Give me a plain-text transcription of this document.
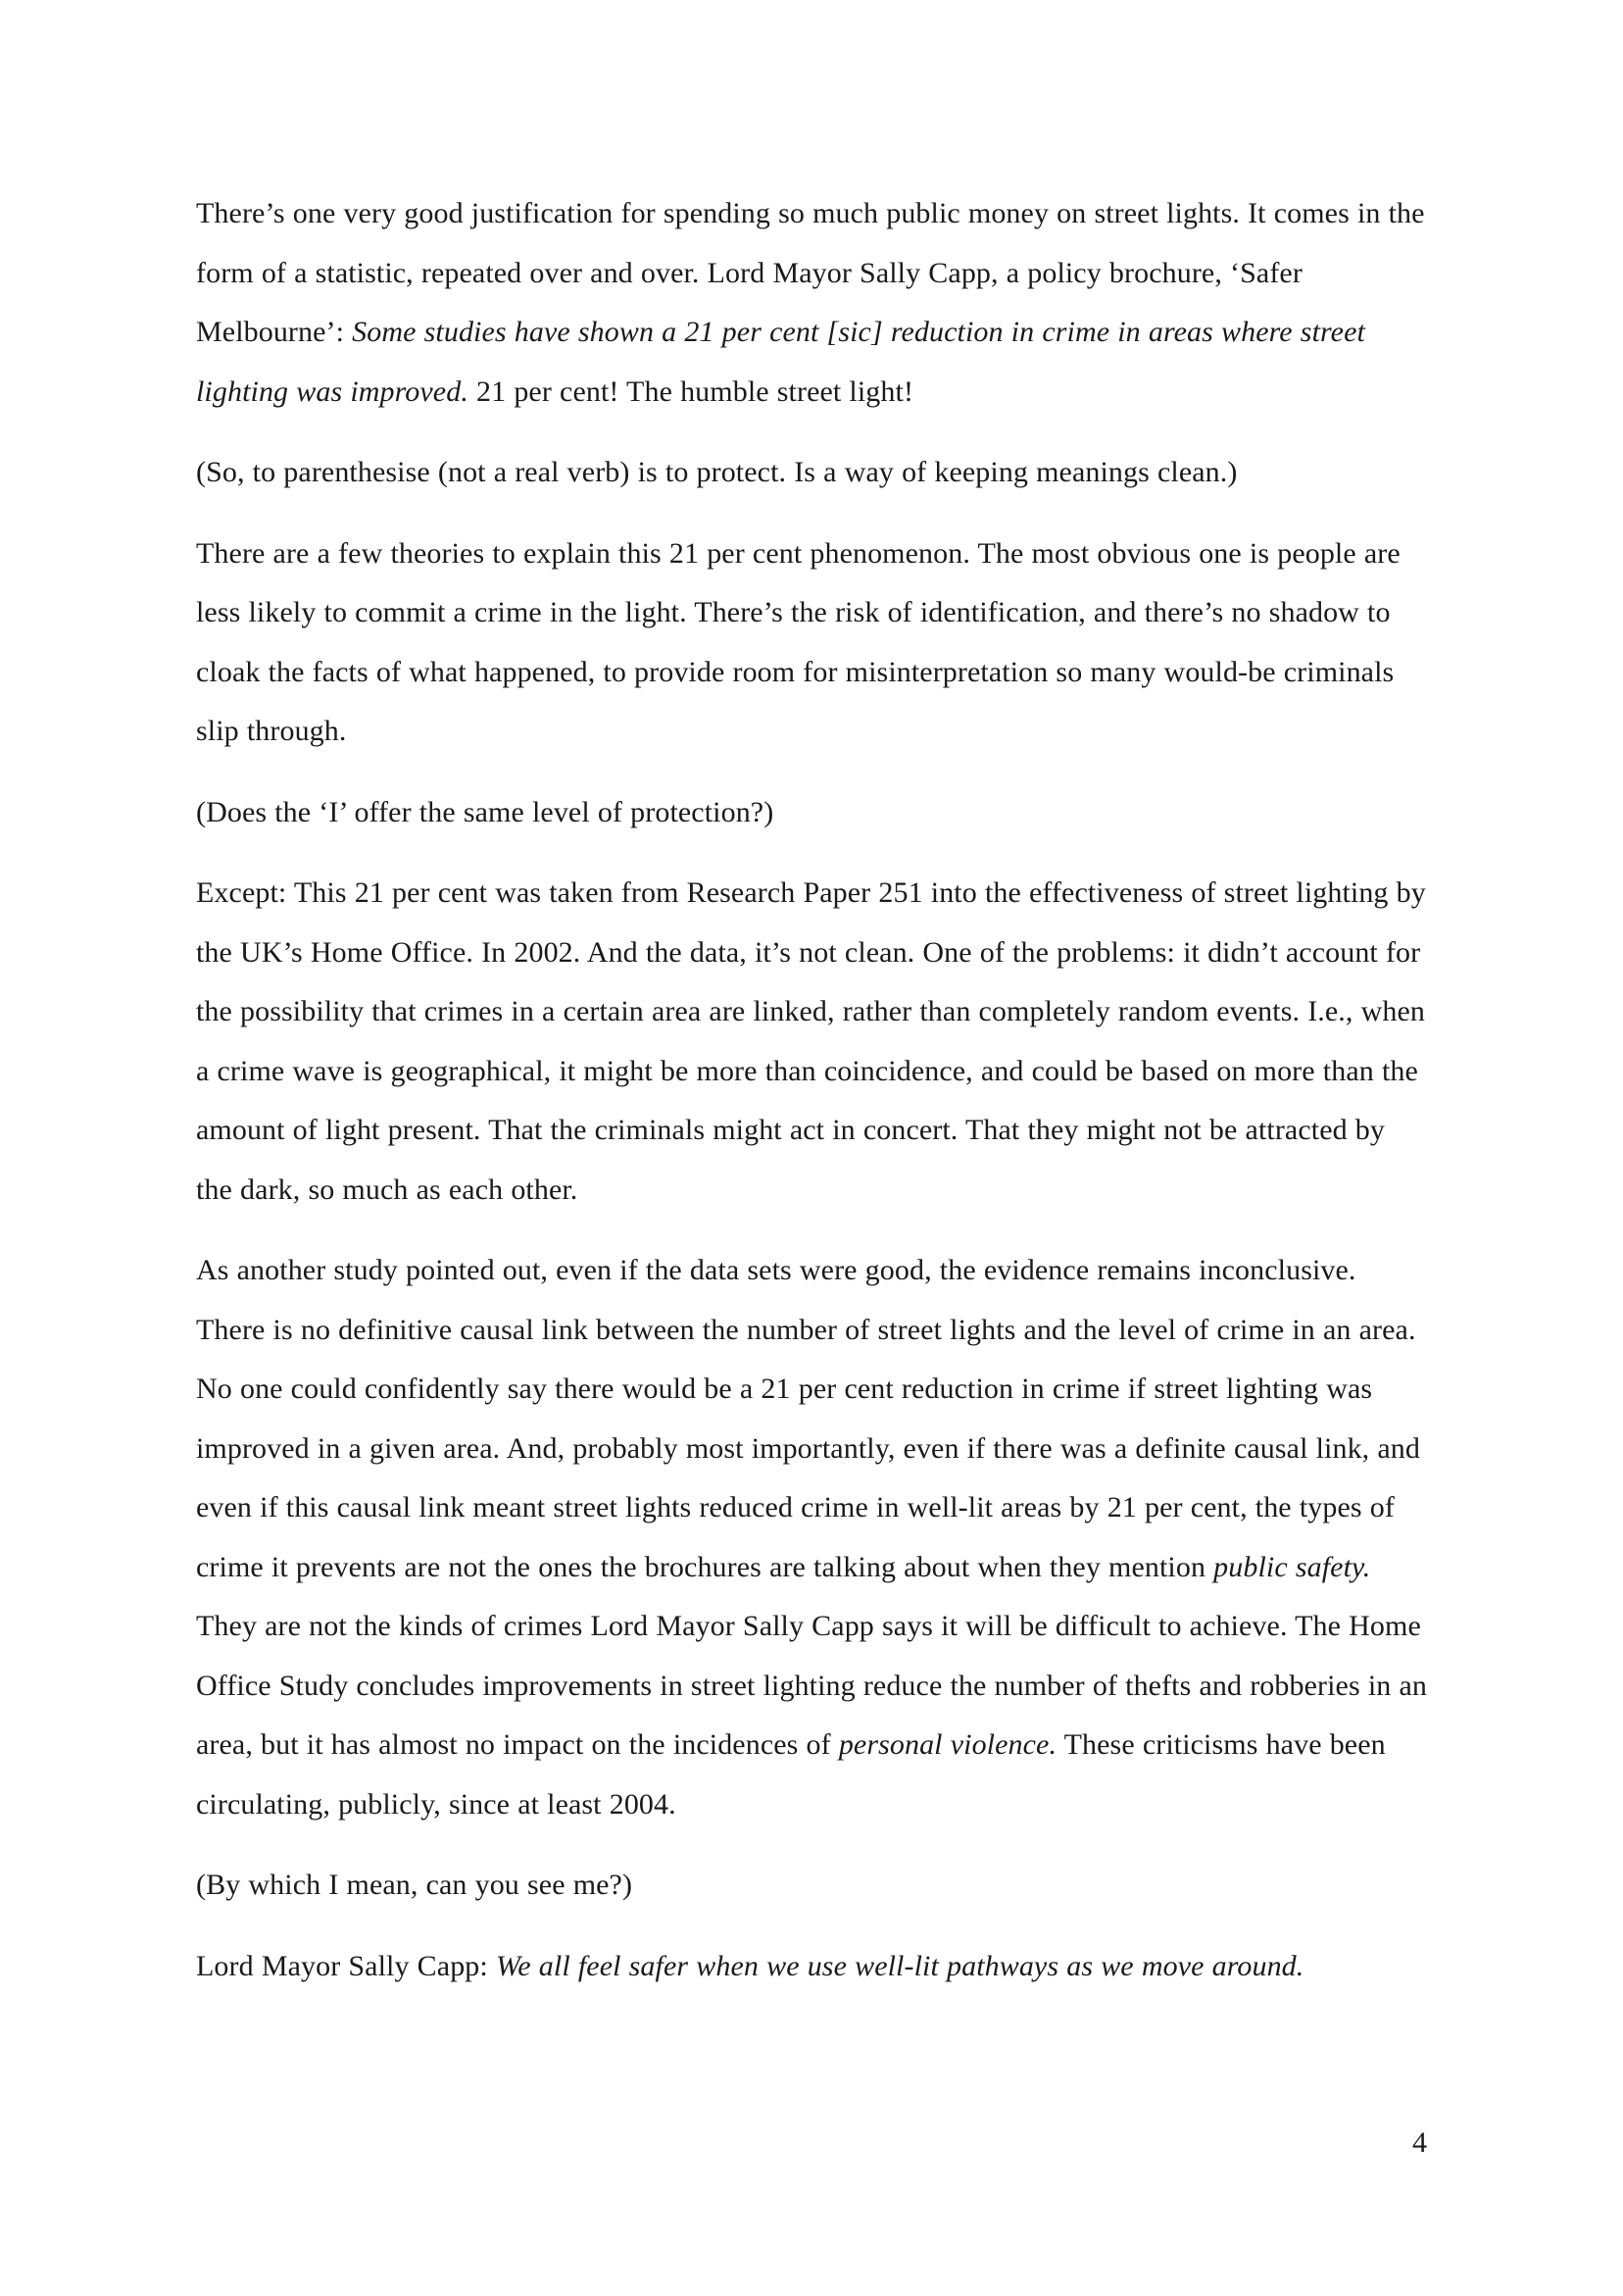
There’s one very good justification for spending so much public money on street lights. It comes in the form of a statistic, repeated over and over. Lord Mayor Sally Capp, a policy brochure, ‘Safer Melbourne’: Some studies have shown a 21 per cent [sic] reduction in crime in areas where street lighting was improved. 21 per cent! The humble street light!

(So, to parenthesise (not a real verb) is to protect. Is a way of keeping meanings clean.)

There are a few theories to explain this 21 per cent phenomenon. The most obvious one is people are less likely to commit a crime in the light. There’s the risk of identification, and there’s no shadow to cloak the facts of what happened, to provide room for misinterpretation so many would-be criminals slip through.

(Does the ‘I’ offer the same level of protection?)

Except: This 21 per cent was taken from Research Paper 251 into the effectiveness of street lighting by the UK’s Home Office. In 2002. And the data, it’s not clean. One of the problems: it didn’t account for the possibility that crimes in a certain area are linked, rather than completely random events. I.e., when a crime wave is geographical, it might be more than coincidence, and could be based on more than the amount of light present. That the criminals might act in concert. That they might not be attracted by the dark, so much as each other.

As another study pointed out, even if the data sets were good, the evidence remains inconclusive. There is no definitive causal link between the number of street lights and the level of crime in an area. No one could confidently say there would be a 21 per cent reduction in crime if street lighting was improved in a given area. And, probably most importantly, even if there was a definite causal link, and even if this causal link meant street lights reduced crime in well-lit areas by 21 per cent, the types of crime it prevents are not the ones the brochures are talking about when they mention public safety. They are not the kinds of crimes Lord Mayor Sally Capp says it will be difficult to achieve. The Home Office Study concludes improvements in street lighting reduce the number of thefts and robberies in an area, but it has almost no impact on the incidences of personal violence. These criticisms have been circulating, publicly, since at least 2004.

(By which I mean, can you see me?)

Lord Mayor Sally Capp: We all feel safer when we use well-lit pathways as we move around.

4
